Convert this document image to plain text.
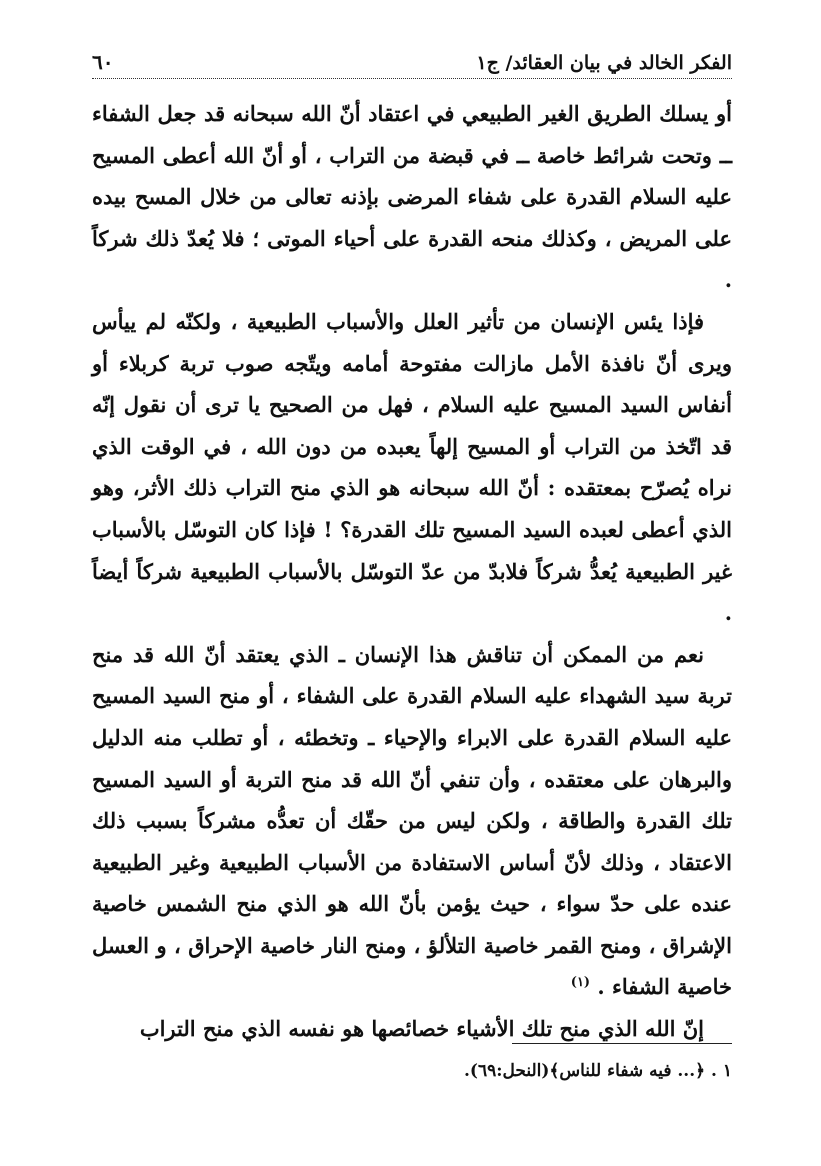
الفكر الخالد في بيان العقائد/ ج١
٦٠

أو يسلك الطريق الغير الطبيعي في اعتقاد أنّ الله سبحانه قد جعل الشفاء ــ وتحت شرائط خاصة ــ في قبضة من التراب ، أو أنّ الله أعطى المسيح عليه السلام القدرة على شفاء المرضى بإذنه تعالى من خلال المسح بيده على المريض ، وكذلك منحه القدرة على أحياء الموتى ؛ فلا يُعدّ ذلك شركاً .

فإذا يئس الإنسان من تأثير العلل والأسباب الطبيعية ، ولكنّه لم ييأس ويرى أنّ نافذة الأمل مازالت مفتوحة أمامه ويتّجه صوب تربة كربلاء أو أنفاس السيد المسيح عليه السلام ، فهل من الصحيح يا ترى أن نقول إنّه قد اتّخذ من التراب أو المسيح إلهاً يعبده من دون الله ، في الوقت الذي نراه يُصرّح بمعتقده : أنّ الله سبحانه هو الذي منح التراب ذلك الأثر، وهو الذي أعطى لعبده السيد المسيح تلك القدرة؟ ! فإذا كان التوسّل بالأسباب غير الطبيعية يُعدُّ شركاً فلابدّ من عدّ التوسّل بالأسباب الطبيعية شركاً أيضاً .

نعم من الممكن أن تناقش هذا الإنسان ـ الذي يعتقد أنّ الله قد منح تربة سيد الشهداء عليه السلام القدرة على الشفاء ، أو منح السيد المسيح عليه السلام القدرة على الابراء والإحياء ـ وتخطئه ، أو تطلب منه الدليل والبرهان على معتقده ، وأن تنفي أنّ الله قد منح التربة أو السيد المسيح تلك القدرة والطاقة ، ولكن ليس من حقّك أن تعدُّه مشركاً بسبب ذلك الاعتقاد ، وذلك لأنّ أساس الاستفادة من الأسباب الطبيعية وغير الطبيعية عنده على حدّ سواء ، حيث يؤمن بأنّ الله هو الذي منح الشمس خاصية الإشراق ، ومنح القمر خاصية التلألؤ ، ومنح النار خاصية الإحراق ، و العسل خاصية الشفاء . $^{(١)}$

إنّ الله الذي منح تلك الأشياء خصائصها هو نفسه الذي منح التراب

١ . ﴿... فيه شفاء للناس﴾(النحل:٦٩).
